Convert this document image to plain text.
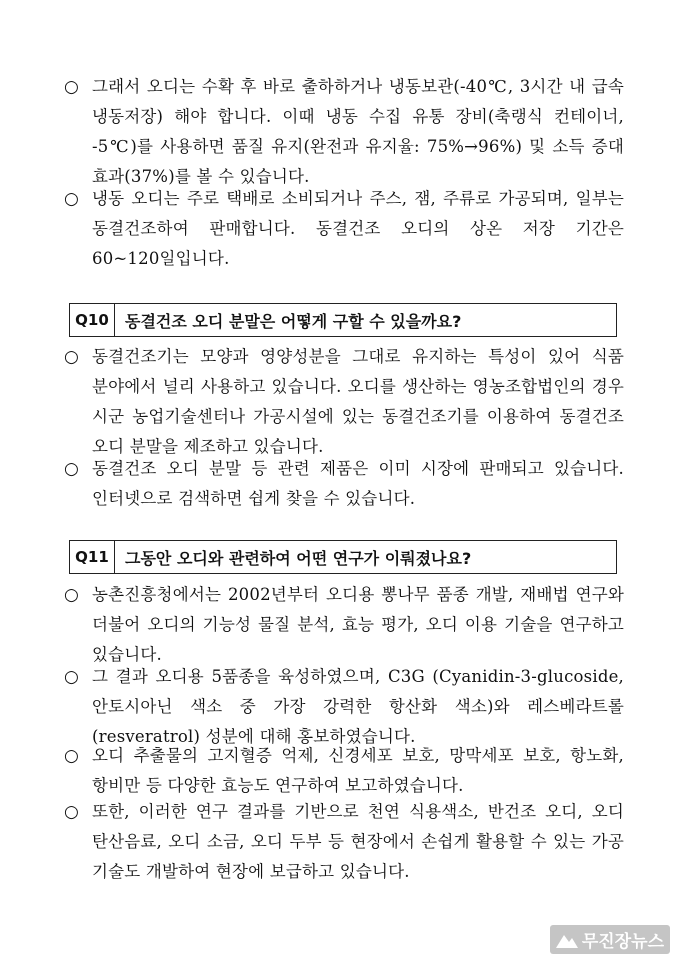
○ 그래서 오디는 수확 후 바로 출하하거나 냉동보관(-40℃, 3시간 내 급속 냉동저장) 해야 합니다. 이때 냉동 수집 유통 장비(축랭식 컨테이너, -5℃)를 사용하면 품질 유지(완전과 유지율: 75%→96%) 및 소득 증대 효과(37%)를 볼 수 있습니다.
○ 냉동 오디는 주로 택배로 소비되거나 주스, 잼, 주류로 가공되며, 일부는 동결건조하여 판매합니다. 동결건조 오디의 상온 저장 기간은 60~120일입니다.
Q10	동결건조 오디 분말은 어떻게 구할 수 있을까요?
○ 동결건조기는 모양과 영양성분을 그대로 유지하는 특성이 있어 식품 분야에서 널리 사용하고 있습니다. 오디를 생산하는 영농조합법인의 경우 시군 농업기술센터나 가공시설에 있는 동결건조기를 이용하여 동결건조 오디 분말을 제조하고 있습니다.
○ 동결건조 오디 분말 등 관련 제품은 이미 시장에 판매되고 있습니다. 인터넷으로 검색하면 쉽게 찾을 수 있습니다.
Q11	그동안 오디와 관련하여 어떤 연구가 이뤄졌나요?
○ 농촌진흥청에서는 2002년부터 오디용 뽕나무 품종 개발, 재배법 연구와 더불어 오디의 기능성 물질 분석, 효능 평가, 오디 이용 기술을 연구하고 있습니다.
○ 그 결과 오디용 5품종을 육성하였으며, C3G (Cyanidin-3-glucoside, 안토시아닌 색소 중 가장 강력한 항산화 색소)와 레스베라트롤(resveratrol) 성분에 대해 홍보하였습니다.
○ 오디 추출물의 고지혈증 억제, 신경세포 보호, 망막세포 보호, 항노화, 항비만 등 다양한 효능도 연구하여 보고하였습니다.
○ 또한, 이러한 연구 결과를 기반으로 천연 식용색소, 반건조 오디, 오디 탄산음료, 오디 소금, 오디 두부 등 현장에서 손쉽게 활용할 수 있는 가공 기술도 개발하여 현장에 보급하고 있습니다.
무진장뉴스
